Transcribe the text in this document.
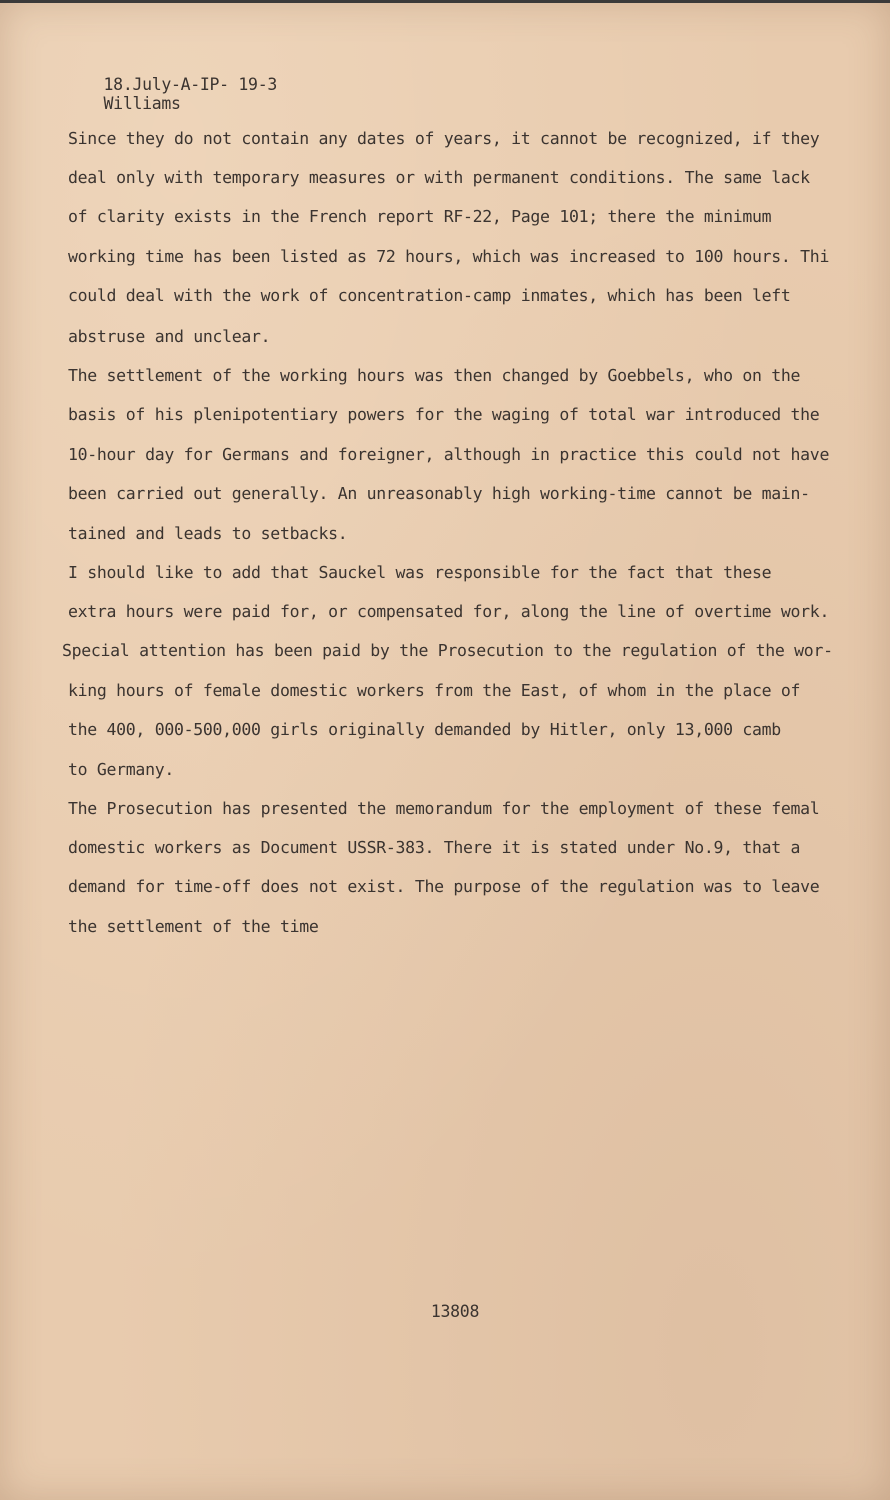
18.July-A-IP- 19-3
Williams

Since they do not contain any dates of years, it cannot be recognized, if they
deal only with temporary measures or with permanent conditions. The same lack
of clarity exists in the French report RF-22, Page 101; there the minimum
working time has been listed as 72 hours, which was increased to 100 hours. Thi
could deal with the work of concentration-camp inmates, which has been left
abstruse and unclear.
The settlement of the working hours was then changed by Goebbels, who on the
basis of his plenipotentiary powers for the waging of total war introduced the
10-hour day for Germans and foreigner, although in practice this could not have
been carried out generally. An unreasonably high working-time cannot be main-
tained and leads to setbacks.
I should like to add that Sauckel was responsible for the fact that these
extra hours were paid for, or compensated for, along the line of overtime work.
Special attention has been paid by the Prosecution to the regulation of the wor-
king hours of female domestic workers from the East, of whom in the place of
the 400, 000-500,000 girls originally demanded by Hitler, only 13,000 camb
to Germany.
The Prosecution has presented the memorandum for the employment of these femal
domestic workers as Document USSR-383. There it is stated under No.9, that a
demand for time-off does not exist. The purpose of the regulation was to leave
the settlement of the time
13808
